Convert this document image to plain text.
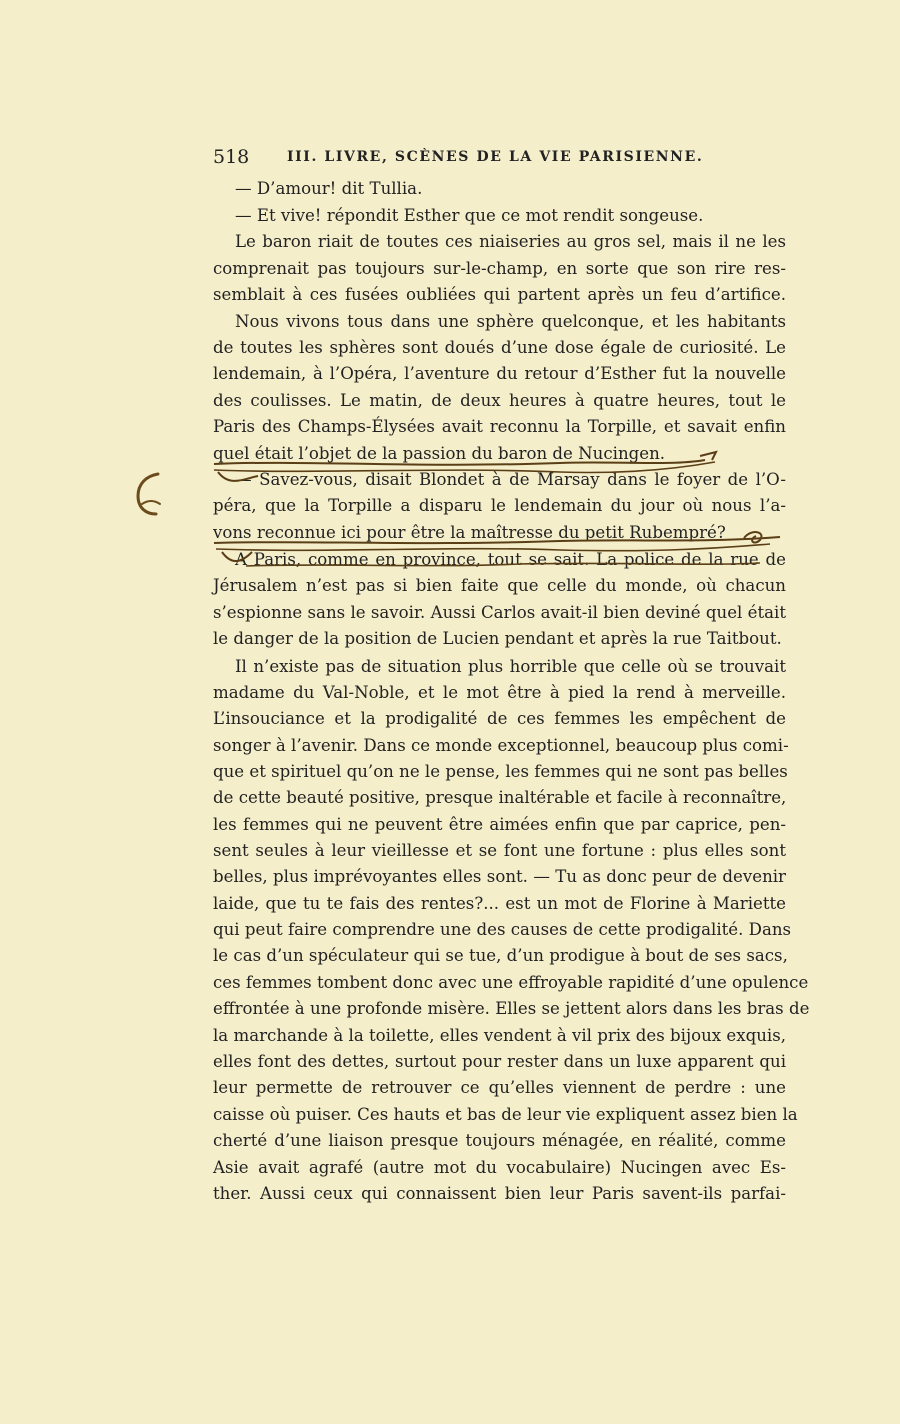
518	III. LIVRE, SCÈNES DE LA VIE PARISIENNE.
— D’amour! dit Tullia.
— Et vive! répondit Esther que ce mot rendit songeuse.
Le baron riait de toutes ces niaiseries au gros sel, mais il ne les
comprenait pas toujours sur-le-champ, en sorte que son rire res-
semblait à ces fusées oubliées qui partent après un feu d’artifice.
Nous vivons tous dans une sphère quelconque, et les habitants
de toutes les sphères sont doués d’une dose égale de curiosité. Le
lendemain, à l’Opéra, l’aventure du retour d’Esther fut la nouvelle
des coulisses. Le matin, de deux heures à quatre heures, tout le
Paris des Champs-Élysées avait reconnu la Torpille, et savait enfin
quel était l’objet de la passion du baron de Nucingen.
— Savez-vous, disait Blondet à de Marsay dans le foyer de l’O-
péra, que la Torpille a disparu le lendemain du jour où nous l’a-
vons reconnue ici pour être la maîtresse du petit Rubempré?
A Paris, comme en province, tout se sait. La police de la rue de
Jérusalem n’est pas si bien faite que celle du monde, où chacun
s’espionne sans le savoir. Aussi Carlos avait-il bien deviné quel était
le danger de la position de Lucien pendant et après la rue Taitbout.
Il n’existe pas de situation plus horrible que celle où se trouvait
madame du Val-Noble, et le mot être à pied la rend à merveille.
L’insouciance et la prodigalité de ces femmes les empêchent de
songer à l’avenir. Dans ce monde exceptionnel, beaucoup plus comi-
que et spirituel qu’on ne le pense, les femmes qui ne sont pas belles
de cette beauté positive, presque inaltérable et facile à reconnaître,
les femmes qui ne peuvent être aimées enfin que par caprice, pen-
sent seules à leur vieillesse et se font une fortune : plus elles sont
belles, plus imprévoyantes elles sont. — Tu as donc peur de devenir
laide, que tu te fais des rentes?... est un mot de Florine à Mariette
qui peut faire comprendre une des causes de cette prodigalité. Dans
le cas d’un spéculateur qui se tue, d’un prodigue à bout de ses sacs,
ces femmes tombent donc avec une effroyable rapidité d’une opulence
effrontée à une profonde misère. Elles se jettent alors dans les bras de
la marchande à la toilette, elles vendent à vil prix des bijoux exquis,
elles font des dettes, surtout pour rester dans un luxe apparent qui
leur permette de retrouver ce qu’elles viennent de perdre : une
caisse où puiser. Ces hauts et bas de leur vie expliquent assez bien la
cherté d’une liaison presque toujours ménagée, en réalité, comme
Asie avait agrafé (autre mot du vocabulaire) Nucingen avec Es-
ther. Aussi ceux qui connaissent bien leur Paris savent-ils parfai-
